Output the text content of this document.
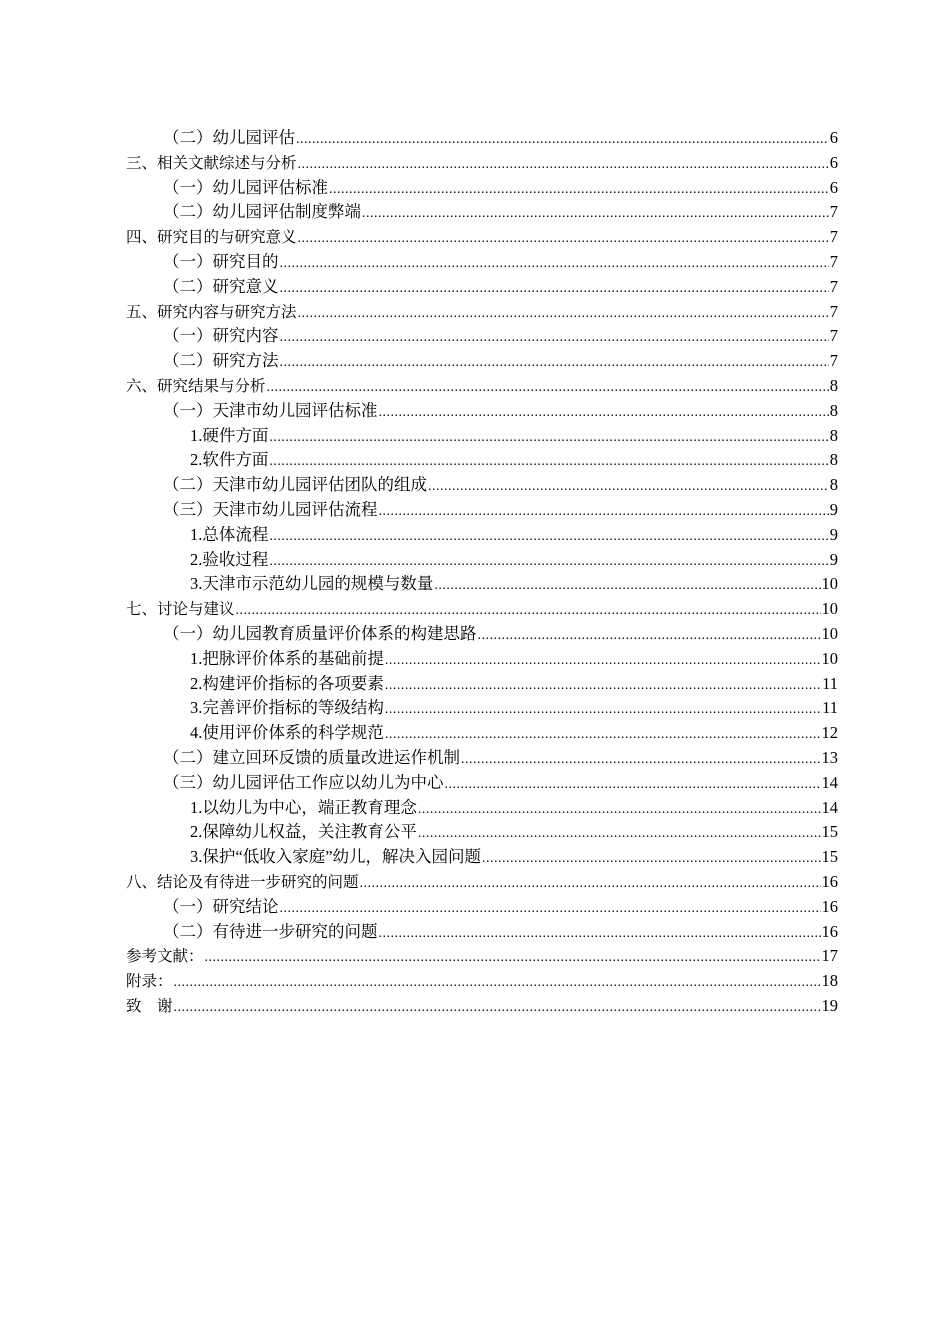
（二）幼儿园评估 .....	6
三、相关文献综述与分析 .....	6
（一）幼儿园评估标准 .....	6
（二）幼儿园评估制度弊端 .....	7
四、研究目的与研究意义 .....	7
（一）研究目的 .....	7
（二）研究意义 .....	7
五、研究内容与研究方法 .....	7
（一）研究内容 .....	7
（二）研究方法 .....	7
六、研究结果与分析 .....	8
（一）天津市幼儿园评估标准 .....	8
1.硬件方面 .....	8
2.软件方面 .....	8
（二）天津市幼儿园评估团队的组成 .....	8
（三）天津市幼儿园评估流程 .....	9
1.总体流程 .....	9
2.验收过程 .....	9
3.天津市示范幼儿园的规模与数量 .....	10
七、讨论与建议 .....	10
（一）幼儿园教育质量评价体系的构建思路 .....	10
1.把脉评价体系的基础前提 .....	10
2.构建评价指标的各项要素 .....	11
3.完善评价指标的等级结构 .....	11
4.使用评价体系的科学规范 .....	12
（二）建立回环反馈的质量改进运作机制 .....	13
（三）幼儿园评估工作应以幼儿为中心 .....	14
1.以幼儿为中心，端正教育理念 .....	14
2.保障幼儿权益，关注教育公平 .....	15
3.保护“低收入家庭”幼儿，解决入园问题 .....	15
八、结论及有待进一步研究的问题 .....	16
（一）研究结论 .....	16
（二）有待进一步研究的问题 .....	16
参考文献： .....	17
附录： .....	18
致　谢 .....	19
